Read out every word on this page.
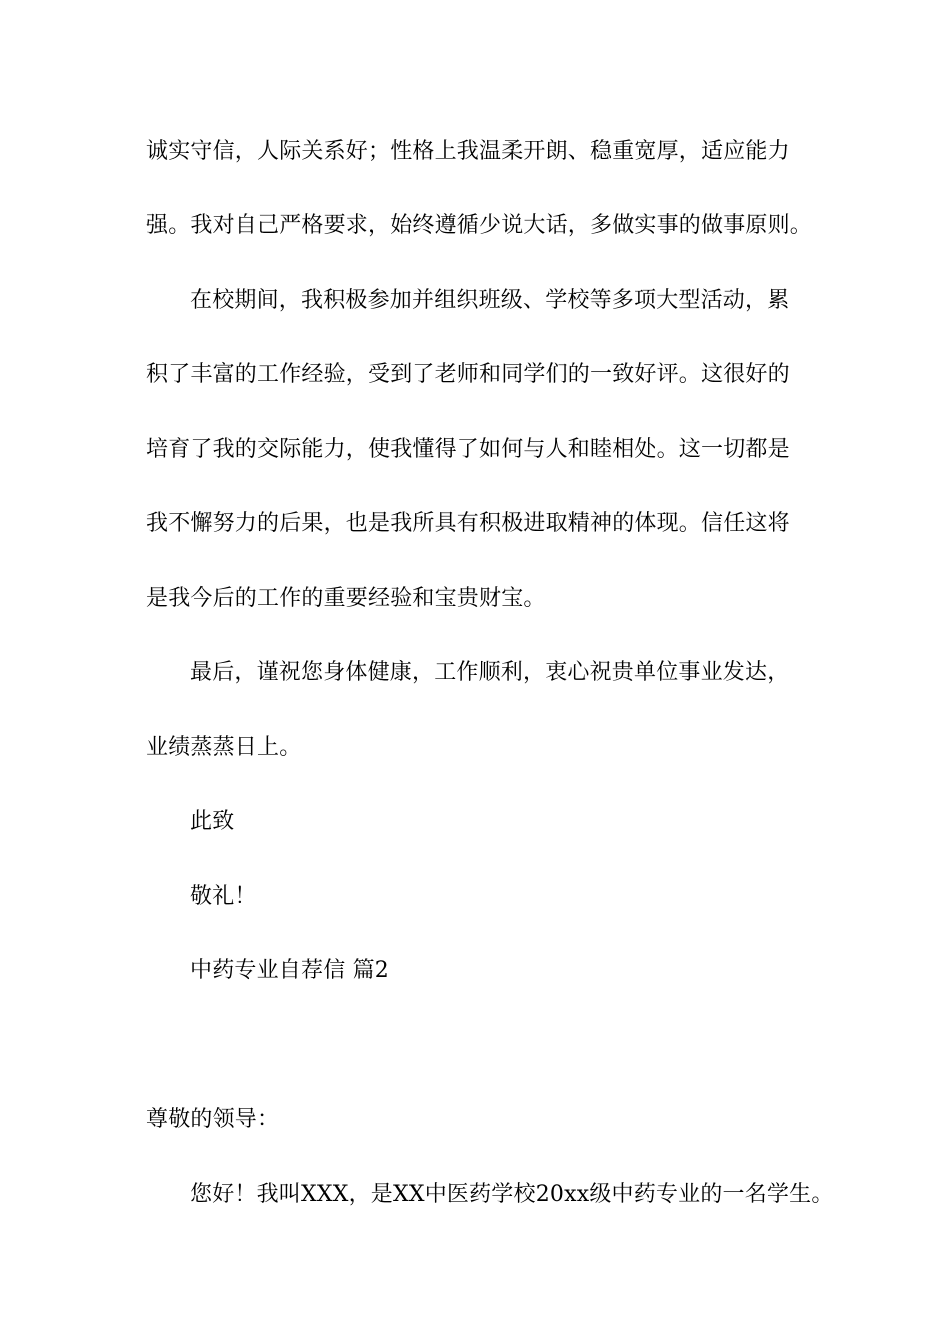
诚实守信，人际关系好；性格上我温柔开朗、稳重宽厚，适应能力
强。我对自己严格要求，始终遵循少说大话，多做实事的做事原则。
在校期间，我积极参加并组织班级、学校等多项大型活动，累
积了丰富的工作经验，受到了老师和同学们的一致好评。这很好的
培育了我的交际能力，使我懂得了如何与人和睦相处。这一切都是
我不懈努力的后果，也是我所具有积极进取精神的体现。信任这将
是我今后的工作的重要经验和宝贵财宝。
最后，谨祝您身体健康，工作顺利，衷心祝贵单位事业发达，
业绩蒸蒸日上。
此致
敬礼！
中药专业自荐信 篇2
尊敬的领导：
您好！我叫XXX，是XX中医药学校20xx级中药专业的一名学生。
